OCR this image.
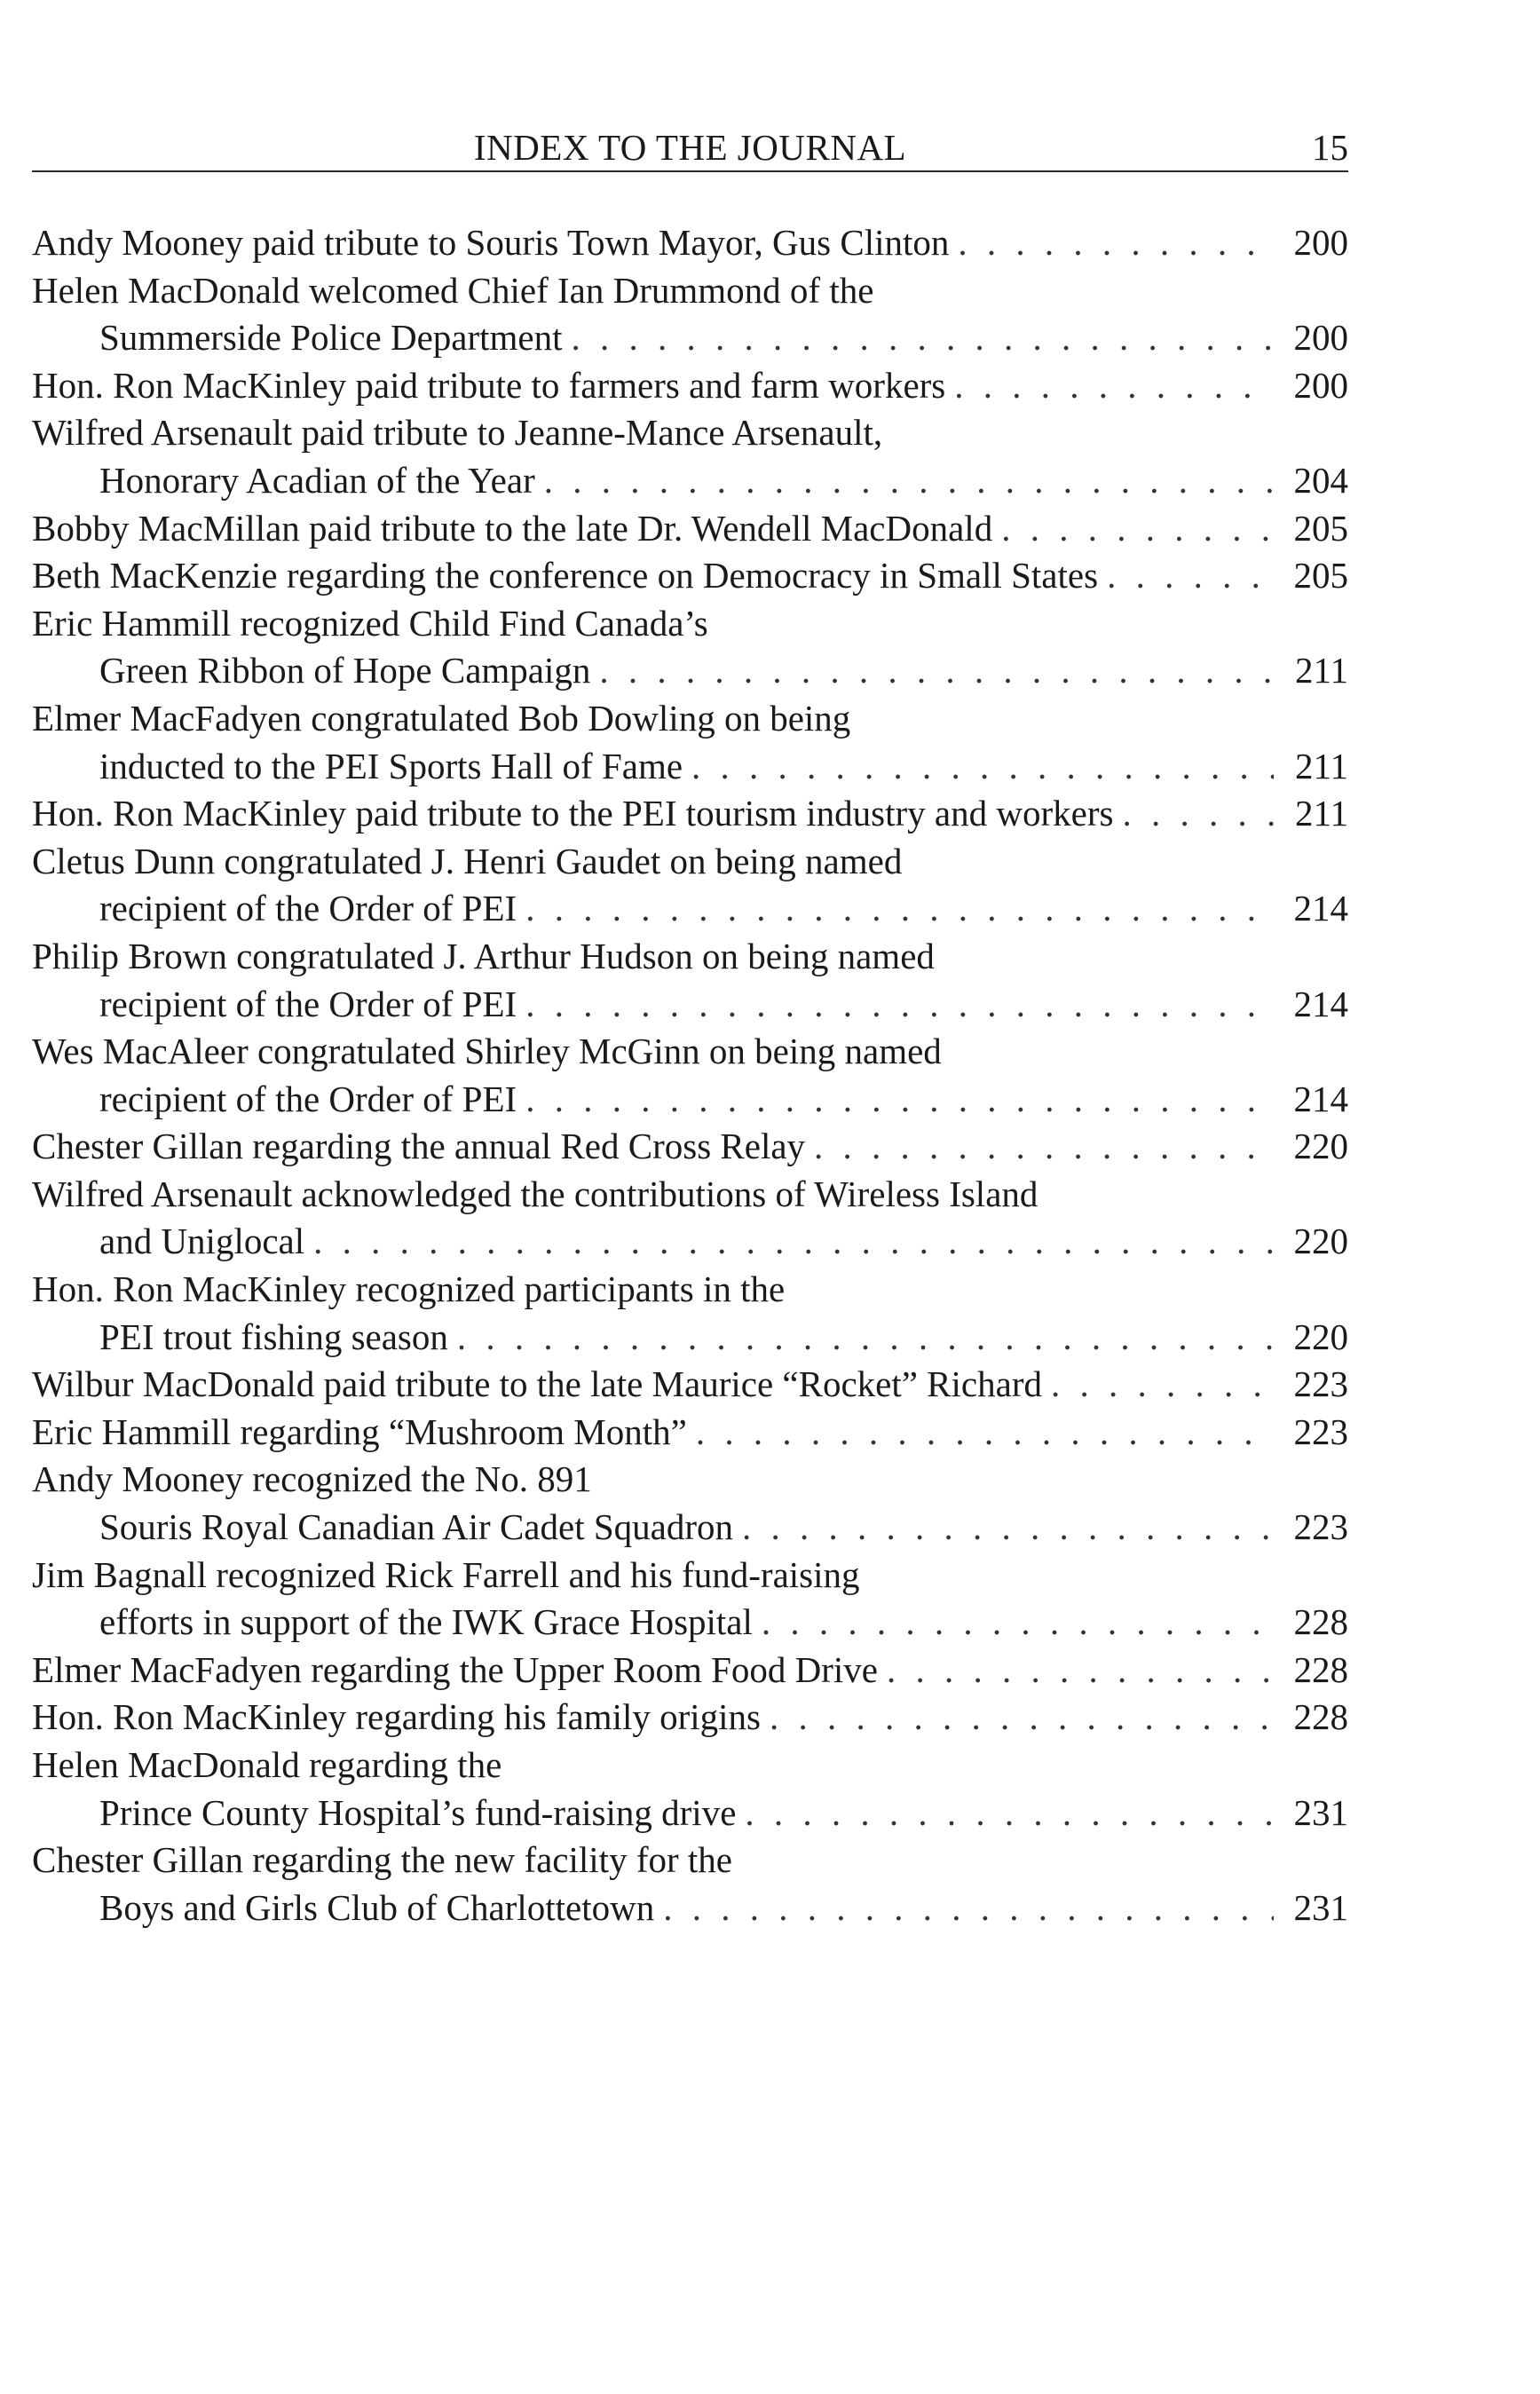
INDEX TO THE JOURNAL	15
Andy Mooney paid tribute to Souris Town Mayor, Gus Clinton . . .	200
Helen MacDonald welcomed Chief Ian Drummond of the
Summerside Police Department . . .	200
Hon. Ron MacKinley paid tribute to farmers and farm workers . . .	200
Wilfred Arsenault paid tribute to Jeanne-Mance Arsenault,
Honorary Acadian of the Year . . .	204
Bobby MacMillan paid tribute to the late Dr. Wendell MacDonald . . .	205
Beth MacKenzie regarding the conference on Democracy in Small States . . .	205
Eric Hammill recognized Child Find Canada’s
Green Ribbon of Hope Campaign . . .	211
Elmer MacFadyen congratulated Bob Dowling on being
inducted to the PEI Sports Hall of Fame . . .	211
Hon. Ron MacKinley paid tribute to the PEI tourism industry and workers . . .	211
Cletus Dunn congratulated J. Henri Gaudet on being named
recipient of the Order of PEI . . .	214
Philip Brown congratulated J. Arthur Hudson on being named
recipient of the Order of PEI . . .	214
Wes MacAleer congratulated Shirley McGinn on being named
recipient of the Order of PEI . . .	214
Chester Gillan regarding the annual Red Cross Relay . . .	220
Wilfred Arsenault acknowledged the contributions of Wireless Island
and Uniglocal . . .	220
Hon. Ron MacKinley recognized participants in the
PEI trout fishing season . . .	220
Wilbur MacDonald paid tribute to the late Maurice “Rocket” Richard . . .	223
Eric Hammill regarding “Mushroom Month” . . .	223
Andy Mooney recognized the No. 891
Souris Royal Canadian Air Cadet Squadron . . .	223
Jim Bagnall recognized Rick Farrell and his fund-raising
efforts in support of the IWK Grace Hospital . . .	228
Elmer MacFadyen regarding the Upper Room Food Drive . . .	228
Hon. Ron MacKinley regarding his family origins . . .	228
Helen MacDonald regarding the
Prince County Hospital’s fund-raising drive . . .	231
Chester Gillan regarding the new facility for the
Boys and Girls Club of Charlottetown . . .	231
